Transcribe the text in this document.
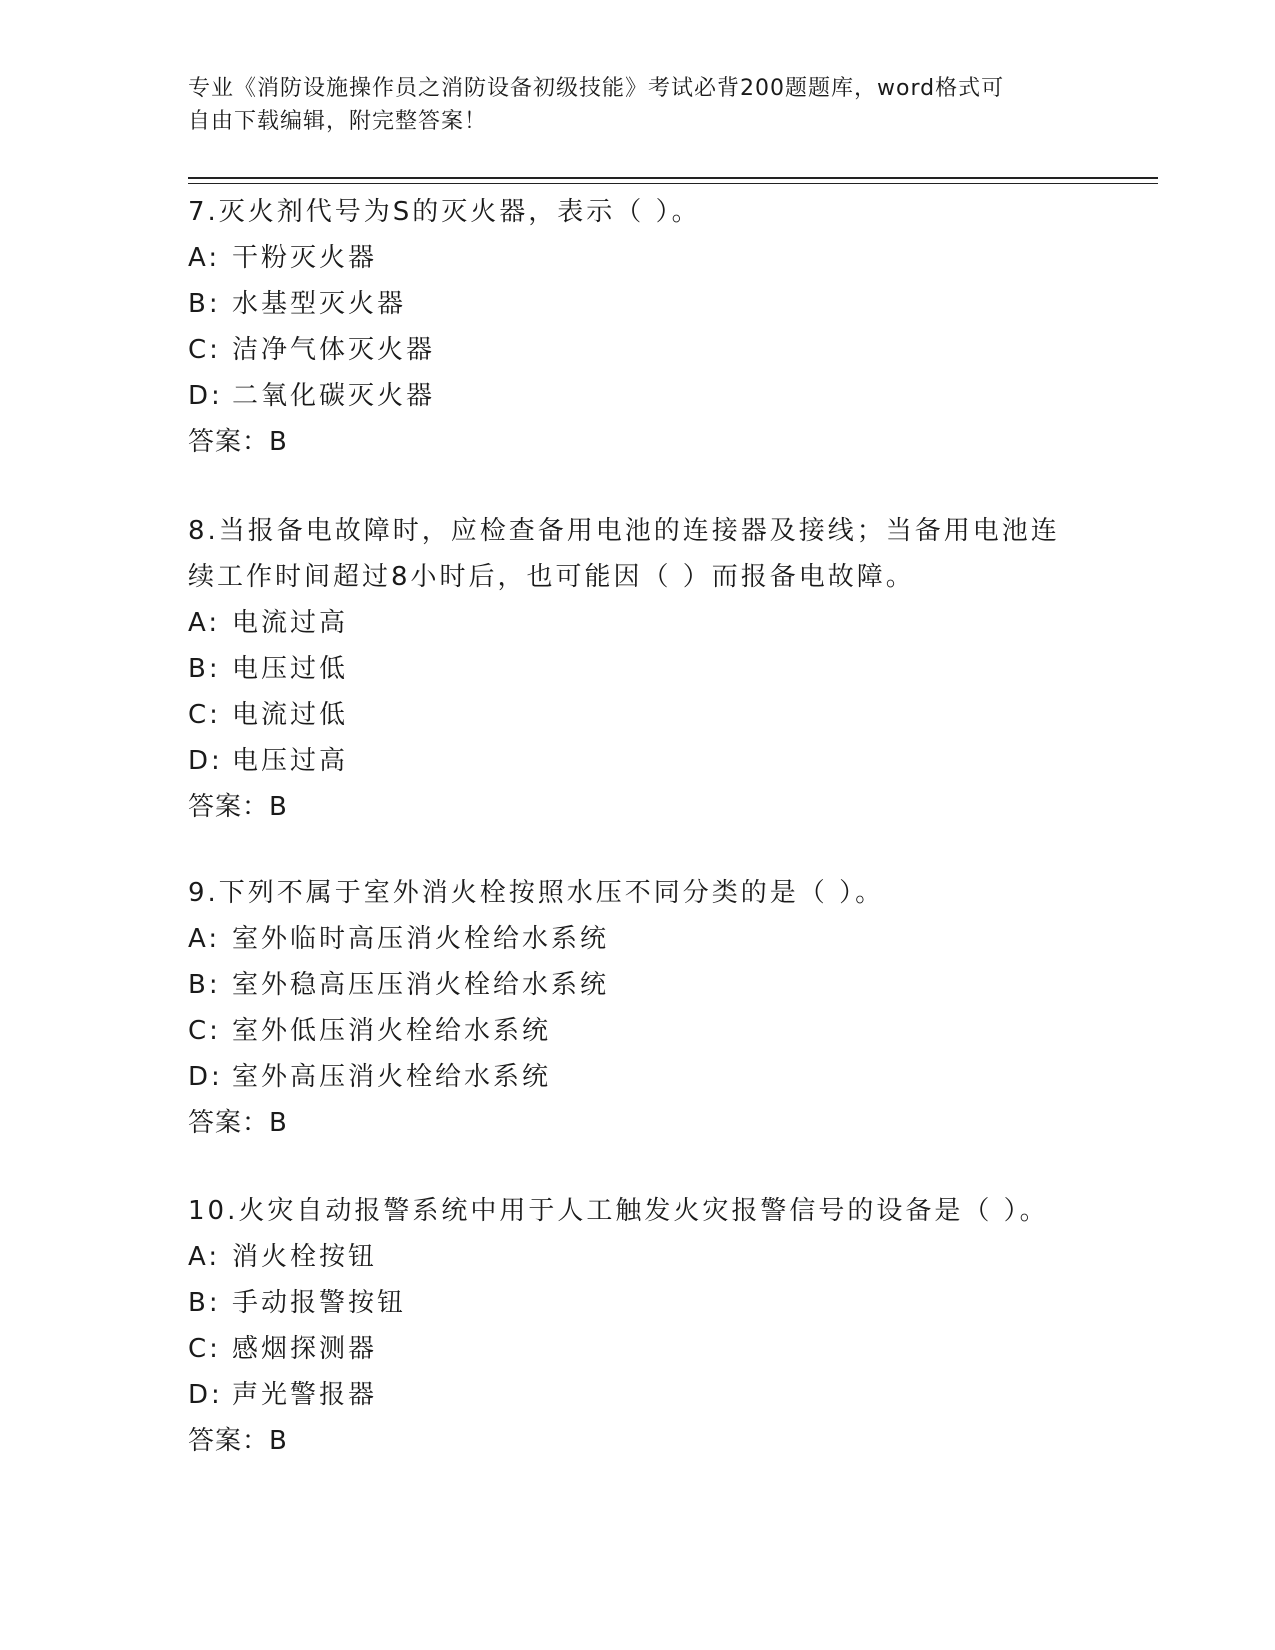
专业《消防设施操作员之消防设备初级技能》考试必背200题题库，word格式可
自由下载编辑，附完整答案！

7.灭火剂代号为S的灭火器，表示（ ）。

A: 干粉灭火器
B: 水基型灭火器
C: 洁净气体灭火器
D: 二氧化碳灭火器
答案：B

8.当报备电故障时，应检查备用电池的连接器及接线；当备用电池连

续工作时间超过8小时后，也可能因（ ）而报备电故障。

A: 电流过高
B: 电压过低
C: 电流过低
D: 电压过高
答案：B

9.下列不属于室外消火栓按照水压不同分类的是（ ）。

A: 室外临时高压消火栓给水系统
B: 室外稳高压压消火栓给水系统
C: 室外低压消火栓给水系统
D: 室外高压消火栓给水系统
答案：B

10.火灾自动报警系统中用于人工触发火灾报警信号的设备是（ ）。

A: 消火栓按钮
B: 手动报警按钮
C: 感烟探测器
D: 声光警报器
答案：B
